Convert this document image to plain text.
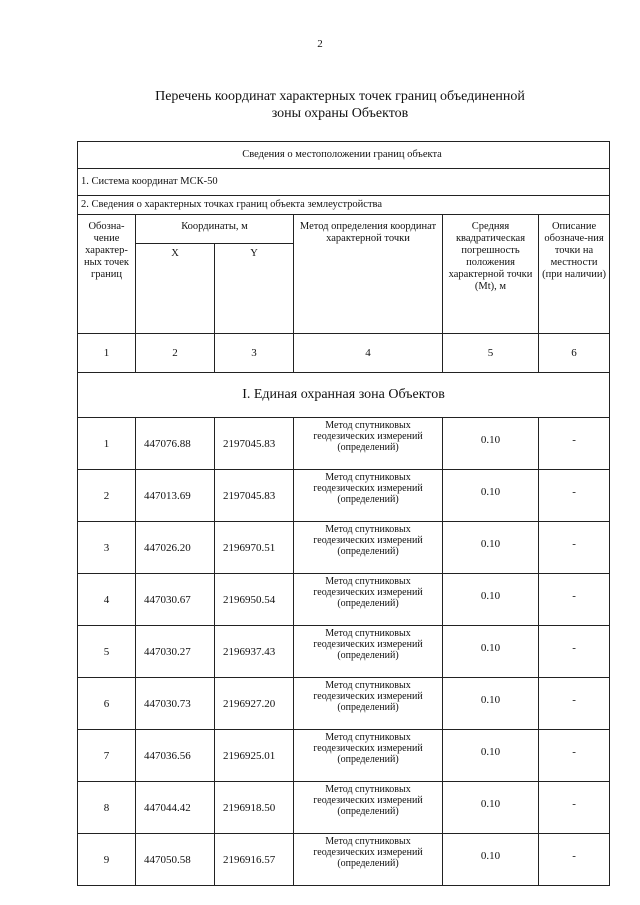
2
Перечень координат характерных точек границ объединенной
зоны охраны Объектов
Сведения о местоположении границ объекта					
1. Система координат МСК-50					
2. Сведения о характерных точках границ объекта землеустройства					
Обозна-чение характер-ных точек границ	Координаты, м		Метод определения координат характерной точки	Средняя квадратическая погрешность положения характерной точки (Mt), м	Описание обозначе-ния точки на местности (при наличии)
	X	Y			
1	2	3	4	5	6
I. Единая охранная зона Объектов					
1	447076.88	2197045.83	Метод спутниковых геодезических измерений (определений)	0.10	-
2	447013.69	2197045.83	Метод спутниковых геодезических измерений (определений)	0.10	-
3	447026.20	2196970.51	Метод спутниковых геодезических измерений (определений)	0.10	-
4	447030.67	2196950.54	Метод спутниковых геодезических измерений (определений)	0.10	-
5	447030.27	2196937.43	Метод спутниковых геодезических измерений (определений)	0.10	-
6	447030.73	2196927.20	Метод спутниковых геодезических измерений (определений)	0.10	-
7	447036.56	2196925.01	Метод спутниковых геодезических измерений (определений)	0.10	-
8	447044.42	2196918.50	Метод спутниковых геодезических измерений (определений)	0.10	-
9	447050.58	2196916.57	Метод спутниковых геодезических измерений (определений)	0.10	-
